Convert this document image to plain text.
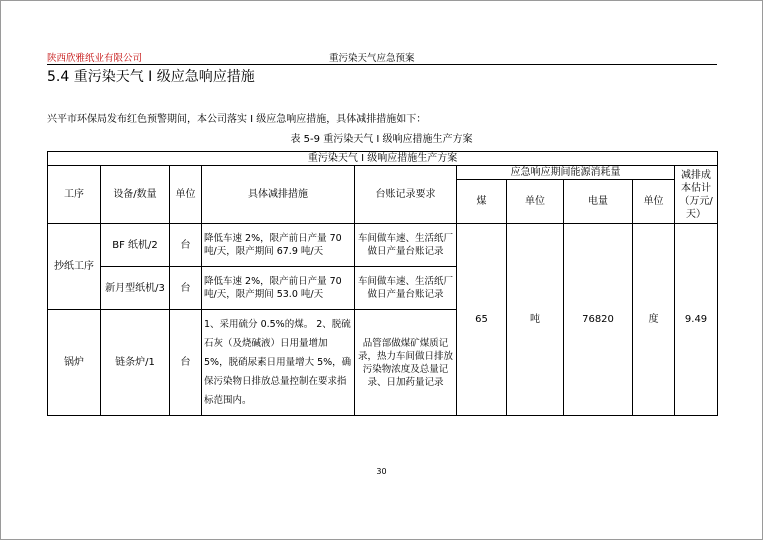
陕西欣雅纸业有限公司	重污染天气应急预案
5.4 重污染天气 I 级应急响应措施
兴平市环保局发布红色预警期间，本公司落实 I 级应急响应措施，具体减排措施如下：
表 5-9 重污染天气 I 级响应措施生产方案
重污染天气 I 级响应措施生产方案									
工序	设备/数量	单位	具体减排措施	台账记录要求	应急响应期间能源消耗量				减排成本估计（万元/天）
					煤	单位	电量	单位	
抄纸工序	BF 纸机/2	台	降低车速 2%，限产前日产量 70 吨/天，限产期间 67.9 吨/天	车间做车速、生活纸厂做日产量台账记录	65	吨	76820	度	9.49
	新月型纸机/3	台	降低车速 2%，限产前日产量 70 吨/天，限产期间 53.0 吨/天	车间做车速、生活纸厂做日产量台账记录					
锅炉	链条炉/1	台	1、采用硫分 0.5%的煤。 2、脱硫石灰（及烧碱液）日用量增加 5%，脱硝尿素日用量增大 5%，确保污染物日排放总量控制在要求指标范围内。	品管部做煤矿煤质记录，热力车间做日排放污染物浓度及总量记录、日加药量记录					
30
